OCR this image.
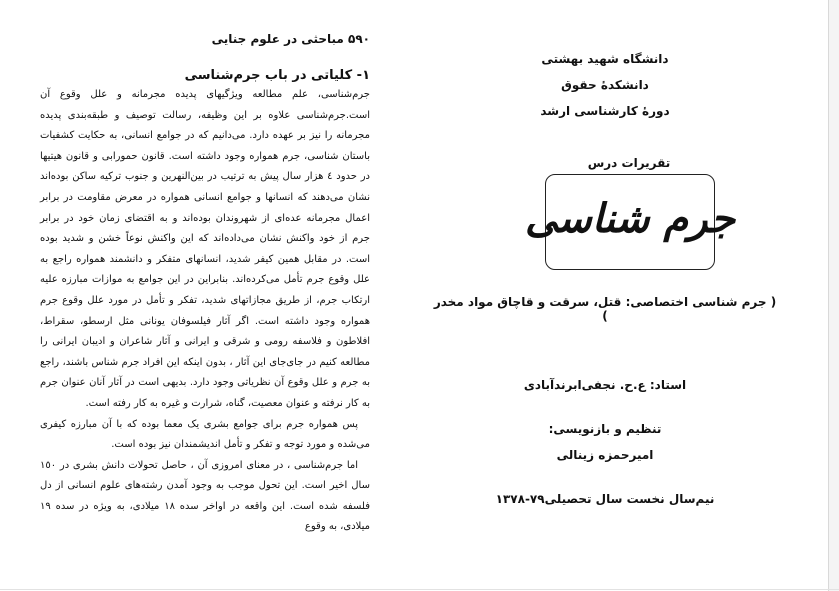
۵۹۰ مباحثی در علوم جنایی

۱- کلیاتی در باب جرم‌شناسی

جرم‌شناسی، علم مطالعه ویژگیهای پدیده مجرمانه و علل وقوع آن است.جرم‌شناسی علاوه بر این وظیفه، رسالت توصیف و طبقه‌بندی پدیده مجرمانه را نیز بر عهده دارد. می‌دانیم که در جوامع انسانی، به حکایت کشفیات باستان شناسی، جرم همواره وجود داشته است. قانون حمورابی و قانون هیتیها در حدود ٤ هزار سال پیش به ترتیب در بین‌النهرین و جنوب ترکیه ساکن بوده‌اند نشان می‌دهند که انسانها و جوامع انسانی همواره در معرض مقاومت در برابر اعمال مجرمانه عده‌ای از شهروندان بوده‌اند و به اقتضای زمان خود در برابر جرم از خود واکنش نشان می‌داده‌اند که این واکنش نوعاً خشن و شدید بوده است. در مقابل همین کیفر شدید، انسانهای متفکر و دانشمند همواره راجع به علل وقوع جرم تأمل می‌کرده‌اند. بنابراین در این جوامع به موازات مبارزه علیه ارتکاب جرم، از طریق مجازاتهای شدید، تفکر و تأمل در مورد علل وقوع جرم همواره وجود داشته است. اگر آثار فیلسوفان یونانی مثل ارسطو، سقراط، افلاطون و فلاسفه رومی و شرقی و ایرانی و آثار شاعران و ادیبان ایرانی را مطالعه کنیم در جای‌جای این آثار ، بدون اینکه این افراد جرم شناس باشند، راجع به جرم و علل وقوع آن نظریاتی وجود دارد. بدیهی است در آثار آنان عنوان جرم به کار نرفته و عنوان معصیت، گناه، شرارت و غیره به کار رفته است.

پس همواره جرم برای جوامع بشری یک معما بوده که با آن مبارزه کیفری می‌شده و مورد توجه و تفکر و تأمل اندیشمندان نیز بوده است.

اما جرم‌شناسی ، در معنای امروزی آن ، حاصل تحولات دانش بشری در ١٥٠ سال اخیر است. این تحول موجب به وجود آمدن رشته‌های علوم انسانی از دل فلسفه شده است. این واقعه در اواخر سده ١٨ میلادی، به ویژه در سده ١٩ میلادی، به وقوع

دانشگاه شهید بهشتی
دانشکدهٔ حقوق
دورهٔ کارشناسی ارشد
تقریرات درس
جرم شناسی
( جرم شناسی اختصاصی: قتل، سرقت و قاچاق مواد مخدر )
استاد: ع.ح. نجفی‌ابرندآبادی
تنظیم و بازنویسی:
امیرحمزه زینالی
نیم‌سال نخست سال تحصیلی۷۹-۱۳۷۸
